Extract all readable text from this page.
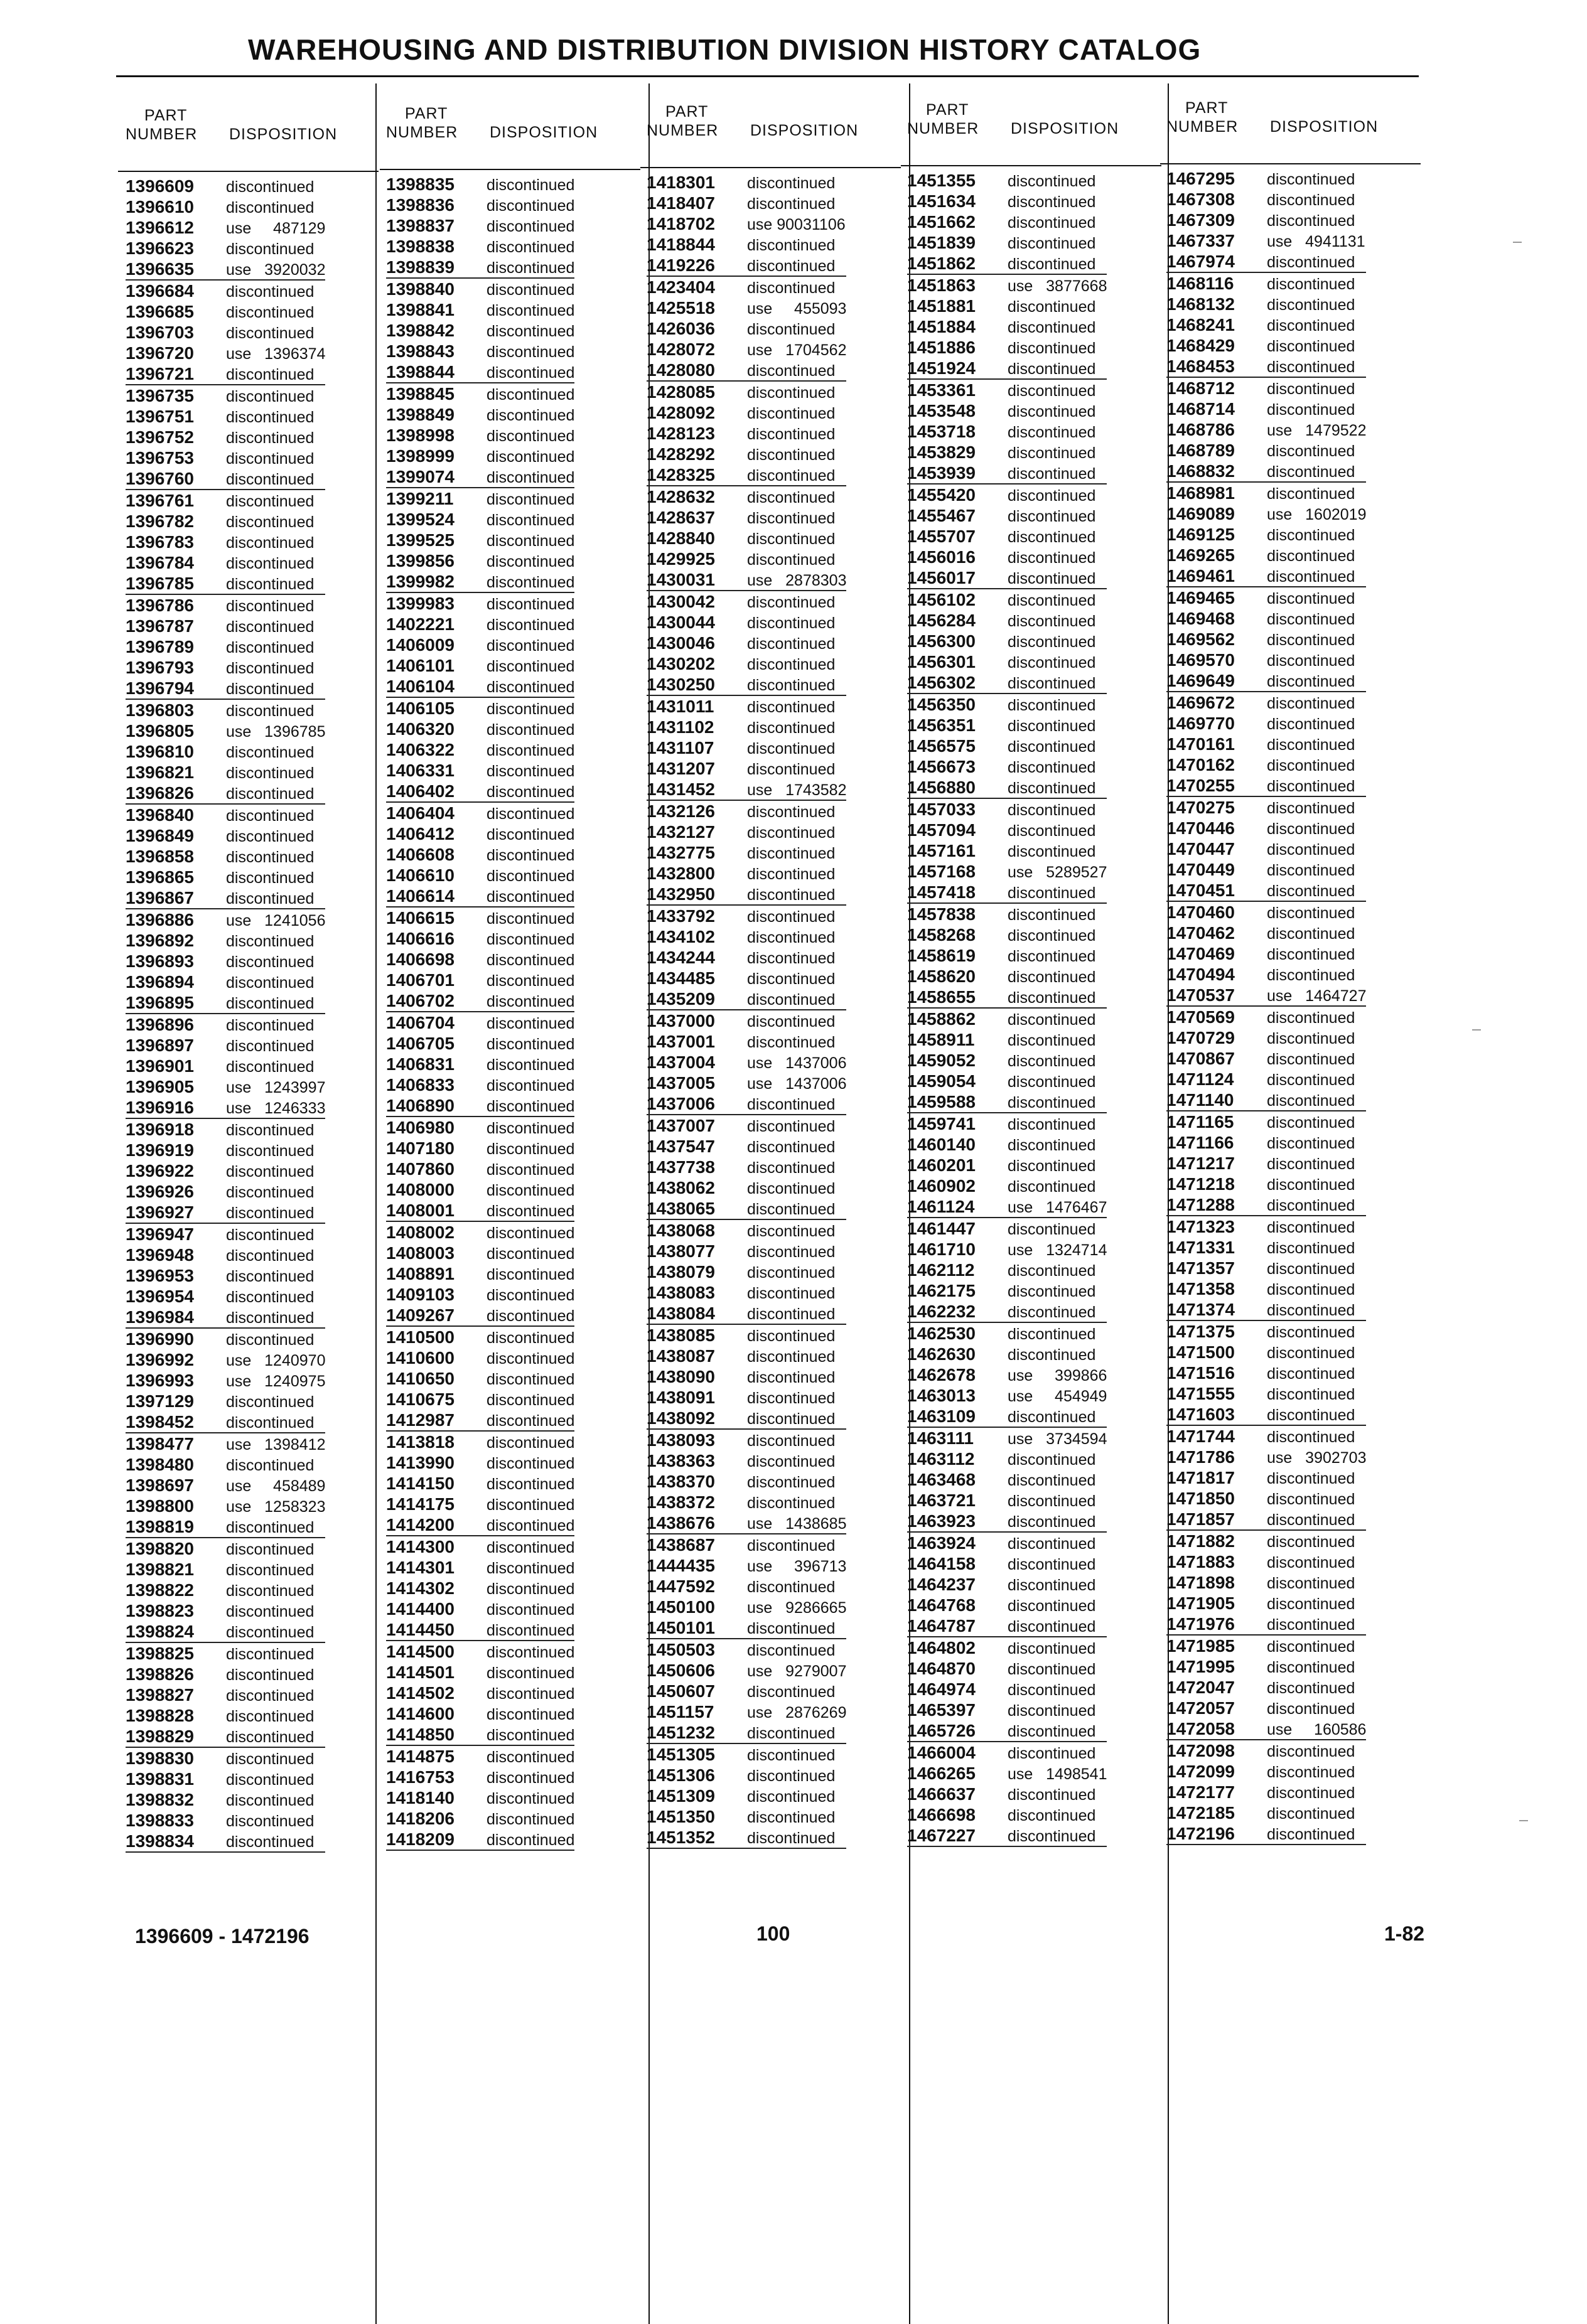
WAREHOUSING AND DISTRIBUTION DIVISION HISTORY CATALOG
PART
NUMBER DISPOSITION
1396609 discontinued
1396610 discontinued
1396612 use     487129
1396623 discontinued
1396635 use   3920032
1396684 discontinued
1396685 discontinued
1396703 discontinued
1396720 use   1396374
1396721 discontinued
1396735 discontinued
1396751 discontinued
1396752 discontinued
1396753 discontinued
1396760 discontinued
1396761 discontinued
1396782 discontinued
1396783 discontinued
1396784 discontinued
1396785 discontinued
1396786 discontinued
1396787 discontinued
1396789 discontinued
1396793 discontinued
1396794 discontinued
1396803 discontinued
1396805 use   1396785
1396810 discontinued
1396821 discontinued
1396826 discontinued
1396840 discontinued
1396849 discontinued
1396858 discontinued
1396865 discontinued
1396867 discontinued
1396886 use   1241056
1396892 discontinued
1396893 discontinued
1396894 discontinued
1396895 discontinued
1396896 discontinued
1396897 discontinued
1396901 discontinued
1396905 use   1243997
1396916 use   1246333
1396918 discontinued
1396919 discontinued
1396922 discontinued
1396926 discontinued
1396927 discontinued
1396947 discontinued
1396948 discontinued
1396953 discontinued
1396954 discontinued
1396984 discontinued
1396990 discontinued
1396992 use   1240970
1396993 use   1240975
1397129 discontinued
1398452 discontinued
1398477 use   1398412
1398480 discontinued
1398697 use     458489
1398800 use   1258323
1398819 discontinued
1398820 discontinued
1398821 discontinued
1398822 discontinued
1398823 discontinued
1398824 discontinued
1398825 discontinued
1398826 discontinued
1398827 discontinued
1398828 discontinued
1398829 discontinued
1398830 discontinued
1398831 discontinued
1398832 discontinued
1398833 discontinued
1398834 discontinued
PART
NUMBER DISPOSITION
1398835 discontinued
1398836 discontinued
1398837 discontinued
1398838 discontinued
1398839 discontinued
1398840 discontinued
1398841 discontinued
1398842 discontinued
1398843 discontinued
1398844 discontinued
1398845 discontinued
1398849 discontinued
1398998 discontinued
1398999 discontinued
1399074 discontinued
1399211 discontinued
1399524 discontinued
1399525 discontinued
1399856 discontinued
1399982 discontinued
1399983 discontinued
1402221 discontinued
1406009 discontinued
1406101 discontinued
1406104 discontinued
1406105 discontinued
1406320 discontinued
1406322 discontinued
1406331 discontinued
1406402 discontinued
1406404 discontinued
1406412 discontinued
1406608 discontinued
1406610 discontinued
1406614 discontinued
1406615 discontinued
1406616 discontinued
1406698 discontinued
1406701 discontinued
1406702 discontinued
1406704 discontinued
1406705 discontinued
1406831 discontinued
1406833 discontinued
1406890 discontinued
1406980 discontinued
1407180 discontinued
1407860 discontinued
1408000 discontinued
1408001 discontinued
1408002 discontinued
1408003 discontinued
1408891 discontinued
1409103 discontinued
1409267 discontinued
1410500 discontinued
1410600 discontinued
1410650 discontinued
1410675 discontinued
1412987 discontinued
1413818 discontinued
1413990 discontinued
1414150 discontinued
1414175 discontinued
1414200 discontinued
1414300 discontinued
1414301 discontinued
1414302 discontinued
1414400 discontinued
1414450 discontinued
1414500 discontinued
1414501 discontinued
1414502 discontinued
1414600 discontinued
1414850 discontinued
1414875 discontinued
1416753 discontinued
1418140 discontinued
1418206 discontinued
1418209 discontinued
PART
NUMBER DISPOSITION
1418301 discontinued
1418407 discontinued
1418702 use 90031106
1418844 discontinued
1419226 discontinued
1423404 discontinued
1425518 use     455093
1426036 discontinued
1428072 use   1704562
1428080 discontinued
1428085 discontinued
1428092 discontinued
1428123 discontinued
1428292 discontinued
1428325 discontinued
1428632 discontinued
1428637 discontinued
1428840 discontinued
1429925 discontinued
1430031 use   2878303
1430042 discontinued
1430044 discontinued
1430046 discontinued
1430202 discontinued
1430250 discontinued
1431011 discontinued
1431102 discontinued
1431107 discontinued
1431207 discontinued
1431452 use   1743582
1432126 discontinued
1432127 discontinued
1432775 discontinued
1432800 discontinued
1432950 discontinued
1433792 discontinued
1434102 discontinued
1434244 discontinued
1434485 discontinued
1435209 discontinued
1437000 discontinued
1437001 discontinued
1437004 use   1437006
1437005 use   1437006
1437006 discontinued
1437007 discontinued
1437547 discontinued
1437738 discontinued
1438062 discontinued
1438065 discontinued
1438068 discontinued
1438077 discontinued
1438079 discontinued
1438083 discontinued
1438084 discontinued
1438085 discontinued
1438087 discontinued
1438090 discontinued
1438091 discontinued
1438092 discontinued
1438093 discontinued
1438363 discontinued
1438370 discontinued
1438372 discontinued
1438676 use   1438685
1438687 discontinued
1444435 use     396713
1447592 discontinued
1450100 use   9286665
1450101 discontinued
1450503 discontinued
1450606 use   9279007
1450607 discontinued
1451157 use   2876269
1451232 discontinued
1451305 discontinued
1451306 discontinued
1451309 discontinued
1451350 discontinued
1451352 discontinued
PART
NUMBER DISPOSITION
1451355 discontinued
1451634 discontinued
1451662 discontinued
1451839 discontinued
1451862 discontinued
1451863 use   3877668
1451881 discontinued
1451884 discontinued
1451886 discontinued
1451924 discontinued
1453361 discontinued
1453548 discontinued
1453718 discontinued
1453829 discontinued
1453939 discontinued
1455420 discontinued
1455467 discontinued
1455707 discontinued
1456016 discontinued
1456017 discontinued
1456102 discontinued
1456284 discontinued
1456300 discontinued
1456301 discontinued
1456302 discontinued
1456350 discontinued
1456351 discontinued
1456575 discontinued
1456673 discontinued
1456880 discontinued
1457033 discontinued
1457094 discontinued
1457161 discontinued
1457168 use   5289527
1457418 discontinued
1457838 discontinued
1458268 discontinued
1458619 discontinued
1458620 discontinued
1458655 discontinued
1458862 discontinued
1458911 discontinued
1459052 discontinued
1459054 discontinued
1459588 discontinued
1459741 discontinued
1460140 discontinued
1460201 discontinued
1460902 discontinued
1461124 use   1476467
1461447 discontinued
1461710 use   1324714
1462112 discontinued
1462175 discontinued
1462232 discontinued
1462530 discontinued
1462630 discontinued
1462678 use     399866
1463013 use     454949
1463109 discontinued
1463111 use   3734594
1463112 discontinued
1463468 discontinued
1463721 discontinued
1463923 discontinued
1463924 discontinued
1464158 discontinued
1464237 discontinued
1464768 discontinued
1464787 discontinued
1464802 discontinued
1464870 discontinued
1464974 discontinued
1465397 discontinued
1465726 discontinued
1466004 discontinued
1466265 use   1498541
1466637 discontinued
1466698 discontinued
1467227 discontinued
PART
NUMBER DISPOSITION
1467295 discontinued
1467308 discontinued
1467309 discontinued
1467337 use   4941131
1467974 discontinued
1468116 discontinued
1468132 discontinued
1468241 discontinued
1468429 discontinued
1468453 discontinued
1468712 discontinued
1468714 discontinued
1468786 use   1479522
1468789 discontinued
1468832 discontinued
1468981 discontinued
1469089 use   1602019
1469125 discontinued
1469265 discontinued
1469461 discontinued
1469465 discontinued
1469468 discontinued
1469562 discontinued
1469570 discontinued
1469649 discontinued
1469672 discontinued
1469770 discontinued
1470161 discontinued
1470162 discontinued
1470255 discontinued
1470275 discontinued
1470446 discontinued
1470447 discontinued
1470449 discontinued
1470451 discontinued
1470460 discontinued
1470462 discontinued
1470469 discontinued
1470494 discontinued
1470537 use   1464727
1470569 discontinued
1470729 discontinued
1470867 discontinued
1471124 discontinued
1471140 discontinued
1471165 discontinued
1471166 discontinued
1471217 discontinued
1471218 discontinued
1471288 discontinued
1471323 discontinued
1471331 discontinued
1471357 discontinued
1471358 discontinued
1471374 discontinued
1471375 discontinued
1471500 discontinued
1471516 discontinued
1471555 discontinued
1471603 discontinued
1471744 discontinued
1471786 use   3902703
1471817 discontinued
1471850 discontinued
1471857 discontinued
1471882 discontinued
1471883 discontinued
1471898 discontinued
1471905 discontinued
1471976 discontinued
1471985 discontinued
1471995 discontinued
1472047 discontinued
1472057 discontinued
1472058 use     160586
1472098 discontinued
1472099 discontinued
1472177 discontinued
1472185 discontinued
1472196 discontinued
1396609 - 1472196	100	1-82
